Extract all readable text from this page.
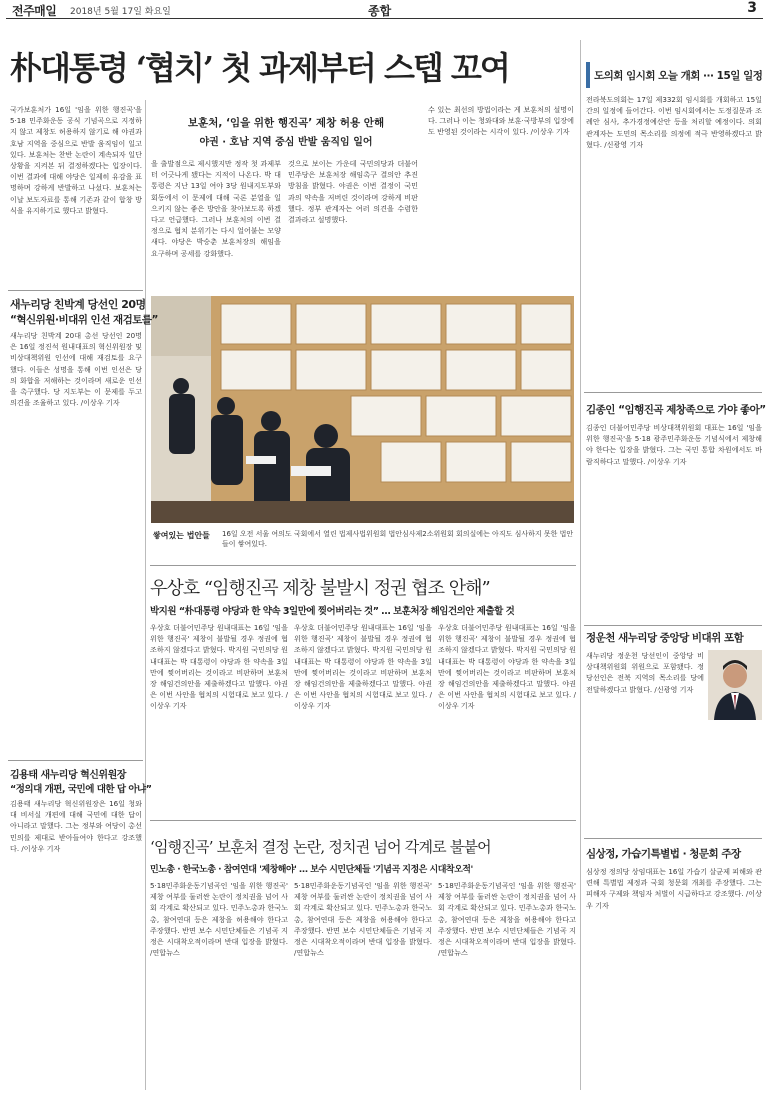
전주매일 2018년 5월 17일 화요일	종합	3
朴대통령 ‘협치’ 첫 과제부터 스텝 꼬여
국가보훈처가 16일 '임을 위한 행진곡'을 5·18 민주화운동 공식 기념곡으로 지정하지 않고 제창도 허용하지 않기로 해 야권과 호남 지역을 중심으로 반발 움직임이 일고 있다. 보훈처는 찬반 논란이 계속되자 일단 상황을 지켜본 뒤 결정하겠다는 입장이다. 이번 결과에 대해 야당은 일제히 유감을 표명하며 강하게 반발하고 나섰다. 보훈처는 이날 보도자료를 통해 기존과 같이 합창 방식을 유지하기로 했다고 밝혔다.
보훈처, ‘임을 위한 행진곡’ 제창 허용 안해
야권 · 호남 지역 중심 반발 움직임 일어
을 출발점으로 제시했지만 정작 첫 과제부터 어긋나게 됐다는 지적이 나온다. 박 대통령은 지난 13일 여야 3당 원내지도부와 회동에서 이 문제에 대해 국론 분열을 일으키지 않는 좋은 방안을 찾아보도록 하겠다고 언급했다. 그러나 보훈처의 이번 결정으로 협치 분위기는 다시 얼어붙는 모양새다. 야당은 박승춘 보훈처장의 해임을 요구하며 공세를 강화했다.
것으로 보이는 가운데 국민의당과 더불어민주당은 보훈처장 해임촉구 결의안 추진 방침을 밝혔다. 야권은 이번 결정이 국민과의 약속을 저버린 것이라며 강하게 비판했다. 정부 관계자는 여러 의견을 수렴한 결과라고 설명했다.
수 있는 최선의 방법이라는 게 보훈처의 설명이다. 그러나 이는 청와대와 보훈·국방부의 입장에도 반영된 것이라는 시각이 있다. /이상우 기자
쌓여있는 법안들 16일 오전 서울 여의도 국회에서 열린 법제사법위원회 법안심사제2소위원회 회의실에는 아직도 심사하지 못한 법안들이 쌓여있다.
새누리당 친박계 당선인 20명
“혁신위원·비대위 인선 재검토를”
새누리당 친박계 20대 총선 당선인 20명은 16일 정진석 원내대표의 혁신위원장 및 비상대책위원 인선에 대해 재검토를 요구했다. 이들은 성명을 통해 이번 인선은 당의 화합을 저해하는 것이라며 새로운 인선을 촉구했다. 당 지도부는 이 문제를 두고 의견을 조율하고 있다. /이상우 기자
김용태 새누리당 혁신위원장
“정의대 개편, 국민에 대한 답 아냐”
김용태 새누리당 혁신위원장은 16일 청와대 비서실 개편에 대해 국민에 대한 답이 아니라고 말했다. 그는 정부와 여당이 총선 민의를 제대로 받아들여야 한다고 강조했다. /이상우 기자
우상호 “임행진곡 제창 불발시 정권 협조 안해”
박지원 “朴대통령 야당과 한 약속 3일만에 찢어버리는 것” … 보훈처장 해임건의안 제출할 것
우상호 더불어민주당 원내대표는 16일 '임을 위한 행진곡' 제창이 불발될 경우 정권에 협조하지 않겠다고 밝혔다. 박지원 국민의당 원내대표는 박 대통령이 야당과 한 약속을 3일 만에 찢어버리는 것이라고 비판하며 보훈처장 해임건의안을 제출하겠다고 말했다. 야권은 이번 사안을 협치의 시험대로 보고 있다. /이상우 기자
우상호 더불어민주당 원내대표는 16일 '임을 위한 행진곡' 제창이 불발될 경우 정권에 협조하지 않겠다고 밝혔다. 박지원 국민의당 원내대표는 박 대통령이 야당과 한 약속을 3일 만에 찢어버리는 것이라고 비판하며 보훈처장 해임건의안을 제출하겠다고 말했다. 야권은 이번 사안을 협치의 시험대로 보고 있다. /이상우 기자
우상호 더불어민주당 원내대표는 16일 '임을 위한 행진곡' 제창이 불발될 경우 정권에 협조하지 않겠다고 밝혔다. 박지원 국민의당 원내대표는 박 대통령이 야당과 한 약속을 3일 만에 찢어버리는 것이라고 비판하며 보훈처장 해임건의안을 제출하겠다고 말했다. 야권은 이번 사안을 협치의 시험대로 보고 있다. /이상우 기자
‘임행진곡’ 보훈처 결정 논란, 정치권 넘어 각계로 불붙어
민노총 · 한국노총 · 참여연대 '제창해야' … 보수 시민단체들 '기념곡 지정은 시대착오적'
5·18민주화운동기념곡인 '임을 위한 행진곡' 제창 여부를 둘러싼 논란이 정치권을 넘어 사회 각계로 확산되고 있다. 민주노총과 한국노총, 참여연대 등은 제창을 허용해야 한다고 주장했다. 반면 보수 시민단체들은 기념곡 지정은 시대착오적이라며 반대 입장을 밝혔다. /연합뉴스
5·18민주화운동기념곡인 '임을 위한 행진곡' 제창 여부를 둘러싼 논란이 정치권을 넘어 사회 각계로 확산되고 있다. 민주노총과 한국노총, 참여연대 등은 제창을 허용해야 한다고 주장했다. 반면 보수 시민단체들은 기념곡 지정은 시대착오적이라며 반대 입장을 밝혔다. /연합뉴스
5·18민주화운동기념곡인 '임을 위한 행진곡' 제창 여부를 둘러싼 논란이 정치권을 넘어 사회 각계로 확산되고 있다. 민주노총과 한국노총, 참여연대 등은 제창을 허용해야 한다고 주장했다. 반면 보수 시민단체들은 기념곡 지정은 시대착오적이라며 반대 입장을 밝혔다. /연합뉴스
도의회 임시회 오늘 개회 ··· 15일 일정
전라북도의회는 17일 제332회 임시회를 개회하고 15일간의 일정에 들어간다. 이번 임시회에서는 도정질문과 조례안 심사, 추가경정예산안 등을 처리할 예정이다. 의회 관계자는 도민의 목소리를 의정에 적극 반영하겠다고 밝혔다. /신광영 기자
김종인 “임행진곡 제창족으로 가야 좋아”
김종인 더불어민주당 비상대책위원회 대표는 16일 '임을 위한 행진곡'을 5·18 광주민주화운동 기념식에서 제창해야 한다는 입장을 밝혔다. 그는 국민 통합 차원에서도 바람직하다고 말했다. /이상우 기자
정운천 새누리당 중앙당 비대위 포함
새누리당 정운천 당선인이 중앙당 비상대책위원회 위원으로 포함됐다. 정 당선인은 전북 지역의 목소리를 당에 전달하겠다고 밝혔다. /신광영 기자
심상정, 가습기특별법 · 청문회 주장
심상정 정의당 상임대표는 16일 가습기 살균제 피해와 관련해 특별법 제정과 국회 청문회 개최를 주장했다. 그는 피해자 구제와 책임자 처벌이 시급하다고 강조했다. /이상우 기자
